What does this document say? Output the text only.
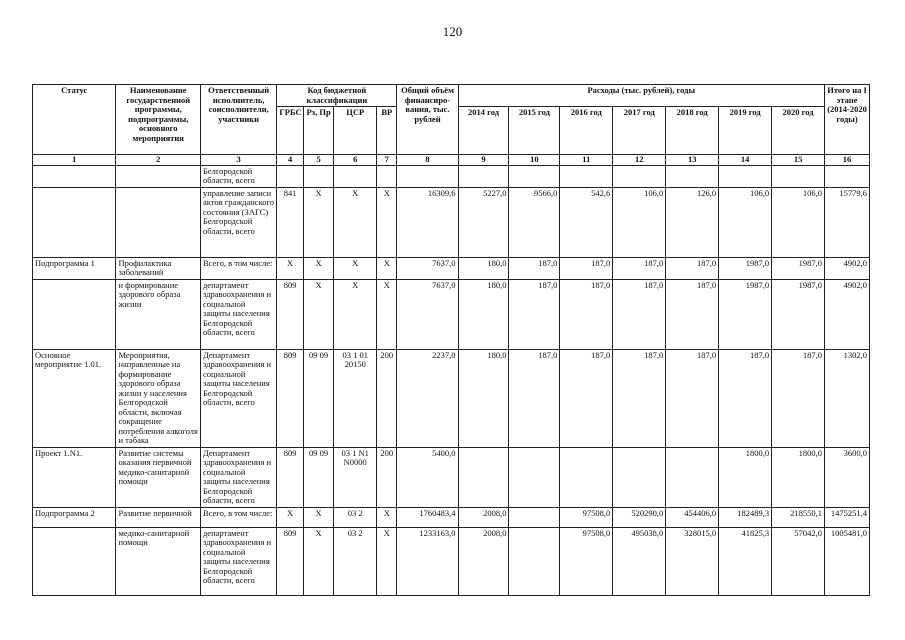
120
Статус	Наименование государственной программы, подпрограммы, основного мероприятия	Ответственный исполнитель, соисполнители, участники	Код бюджетной классификации				Общий объём финансиро-вания, тыс. рублей	Расходы (тыс. рублей), годы							Итого на I этапе (2014-2020 годы)
			ГРБС	Рз, Пр	ЦСР	ВР		2014 год	2015 год	2016 год	2017 год	2018 год	2019 год	2020 год	
1	2	3	4	5	6	7	8	9	10	11	12	13	14	15	16
		Белгородской области, всего													
		управление записи актов гражданского состояния (ЗАГС) Белгородской области, всего	841	Х	Х	Х	16309,6	5227,0	9566,0	542,6	106,0	126,0	106,0	106,0	15779,6
Подпрограмма 1	Профилактика заболеваний	Всего, в том числе:	Х	Х	Х	Х	7637,0	180,0	187,0	187,0	187,0	187,0	1987,0	1987,0	4902,0
	и формирование здорового образа жизни	департамент здравоохранения и социальной защиты населения Белгородской области, всего	809	Х	Х	Х	7637,0	180,0	187,0	187,0	187,0	187,0	1987,0	1987,0	4902,0
Основное мероприятие 1.01.	Мероприятия, направленные на формирование здорового образа жизни у населения Белгородской области, включая сокращение потребления алкоголя и табака	Департамент здравоохранения и социальной защиты населения Белгородской области, всего	809	09 09	03 1 01 20150	200	2237,0	180,0	187,0	187,0	187,0	187,0	187,0	187,0	1302,0
Проект 1.N1.	Развитие системы оказания первичной медико-санитарной помощи	Департамент здравоохранения и социальной защиты населения Белгородской области, всего	809	09 09	03 1 N1 N0000	200	5400,0						1800,0	1800,0	3600,0
Подпрограмма 2	Развитие первичной	Всего, в том числе:	Х	Х	03 2	Х	1760483,4	2008,0		97508,0	520290,0	454406,0	182489,3	218550,1	1475251,4
	медико-санитарной помощи	департамент здравоохранения и социальной защиты населения Белгородской области, всего	809	Х	03 2	Х	1233163,0	2008,0		97508,0	495038,0	328015,0	41825,3	57042,0	1005481,0
